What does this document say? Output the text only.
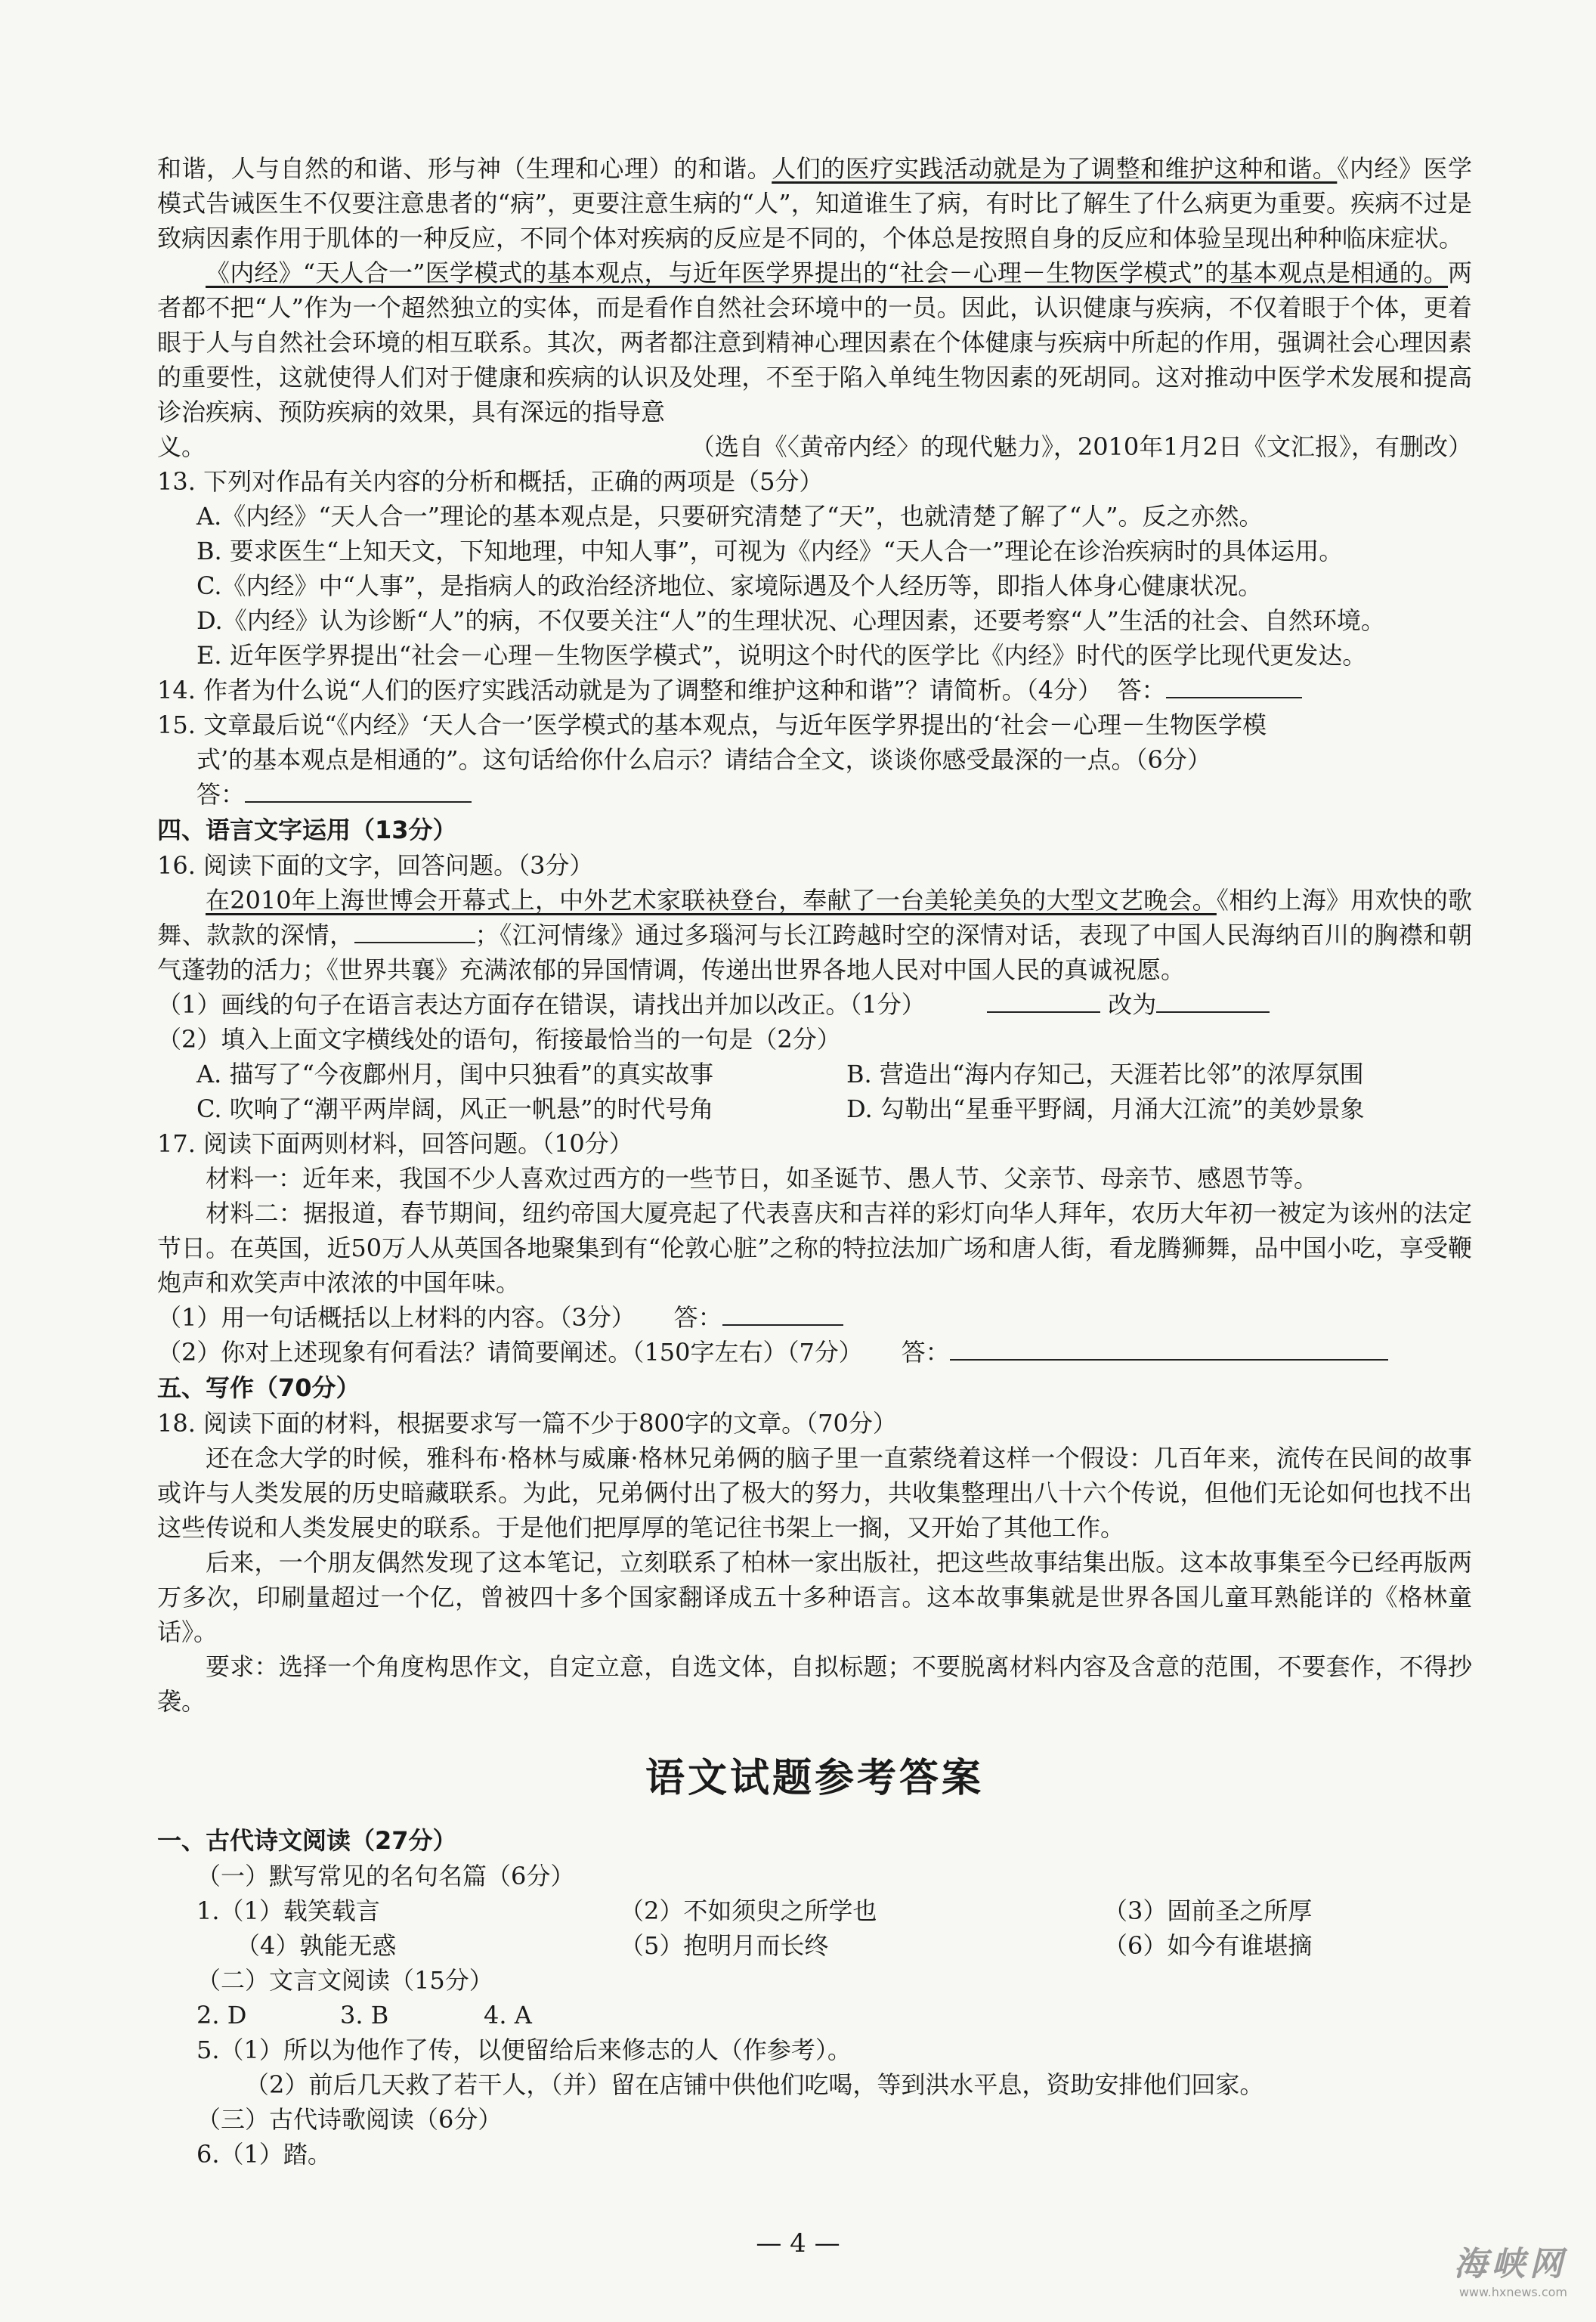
和谐，人与自然的和谐、形与神（生理和心理）的和谐。人们的医疗实践活动就是为了调整和维护这种和谐。《内经》医学模式告诫医生不仅要注意患者的“病”，更要注意生病的“人”，知道谁生了病，有时比了解生了什么病更为重要。疾病不过是致病因素作用于肌体的一种反应，不同个体对疾病的反应是不同的，个体总是按照自身的反应和体验呈现出种种临床症状。

《内经》“天人合一”医学模式的基本观点，与近年医学界提出的“社会－心理－生物医学模式”的基本观点是相通的。两者都不把“人”作为一个超然独立的实体，而是看作自然社会环境中的一员。因此，认识健康与疾病，不仅着眼于个体，更着眼于人与自然社会环境的相互联系。其次，两者都注意到精神心理因素在个体健康与疾病中所起的作用，强调社会心理因素的重要性，这就使得人们对于健康和疾病的认识及处理，不至于陷入单纯生物因素的死胡同。这对推动中医学术发展和提高诊治疾病、预防疾病的效果，具有深远的指导意

义。	（选自《〈黄帝内经〉的现代魅力》，2010年1月2日《文汇报》，有删改）

13. 下列对作品有关内容的分析和概括，正确的两项是（5分）

A.《内经》“天人合一”理论的基本观点是，只要研究清楚了“天”，也就清楚了解了“人”。反之亦然。

B. 要求医生“上知天文，下知地理，中知人事”，可视为《内经》“天人合一”理论在诊治疾病时的具体运用。

C.《内经》中“人事”，是指病人的政治经济地位、家境际遇及个人经历等，即指人体身心健康状况。

D.《内经》认为诊断“人”的病，不仅要关注“人”的生理状况、心理因素，还要考察“人”生活的社会、自然环境。

E. 近年医学界提出“社会－心理－生物医学模式”，说明这个时代的医学比《内经》时代的医学比现代更发达。

14. 作者为什么说“人们的医疗实践活动就是为了调整和维护这种和谐”？请简析。（4分） 答：

15. 文章最后说“《内经》‘天人合一’医学模式的基本观点，与近年医学界提出的‘社会－心理－生物医学模

式’的基本观点是相通的”。这句话给你什么启示？请结合全文，谈谈你感受最深的一点。（6分）

答：

四、语言文字运用（13分）

16. 阅读下面的文字，回答问题。（3分）

在2010年上海世博会开幕式上，中外艺术家联袂登台，奉献了一台美轮美奂的大型文艺晚会。《相约上海》用欢快的歌舞、款款的深情，	；《江河情缘》通过多瑙河与长江跨越时空的深情对话，表现了中国人民海纳百川的胸襟和朝气蓬勃的活力；《世界共襄》充满浓郁的异国情调，传递出世界各地人民对中国人民的真诚祝愿。

（1）画线的句子在语言表达方面存在错误，请找出并加以改正。（1分）	改为

（2）填入上面文字横线处的语句，衔接最恰当的一句是（2分）

A. 描写了“今夜鄜州月，闺中只独看”的真实故事	B. 营造出“海内存知己，天涯若比邻”的浓厚氛围
C. 吹响了“潮平两岸阔，风正一帆悬”的时代号角	D. 勾勒出“星垂平野阔，月涌大江流”的美妙景象

17. 阅读下面两则材料，回答问题。（10分）

材料一：近年来，我国不少人喜欢过西方的一些节日，如圣诞节、愚人节、父亲节、母亲节、感恩节等。

材料二：据报道，春节期间，纽约帝国大厦亮起了代表喜庆和吉祥的彩灯向华人拜年，农历大年初一被定为该州的法定节日。在英国，近50万人从英国各地聚集到有“伦敦心脏”之称的特拉法加广场和唐人街，看龙腾狮舞，品中国小吃，享受鞭炮声和欢笑声中浓浓的中国年味。

（1）用一句话概括以上材料的内容。（3分） 答：

（2）你对上述现象有何看法？请简要阐述。（150字左右）（7分） 答：

五、写作（70分）

18. 阅读下面的材料，根据要求写一篇不少于800字的文章。（70分）

还在念大学的时候，雅科布·格林与威廉·格林兄弟俩的脑子里一直萦绕着这样一个假设：几百年来，流传在民间的故事或许与人类发展的历史暗藏联系。为此，兄弟俩付出了极大的努力，共收集整理出八十六个传说，但他们无论如何也找不出这些传说和人类发展史的联系。于是他们把厚厚的笔记往书架上一搁，又开始了其他工作。

后来，一个朋友偶然发现了这本笔记，立刻联系了柏林一家出版社，把这些故事结集出版。这本故事集至今已经再版两万多次，印刷量超过一个亿，曾被四十多个国家翻译成五十多种语言。这本故事集就是世界各国儿童耳熟能详的《格林童话》。

要求：选择一个角度构思作文，自定立意，自选文体，自拟标题；不要脱离材料内容及含意的范围，不要套作，不得抄袭。

语文试题参考答案

一、古代诗文阅读（27分）

（一）默写常见的名句名篇（6分）

1.（1）载笑载言	（2）不如须臾之所学也	（3）固前圣之所厚
（4）孰能无惑	（5）抱明月而长终	（6）如今有谁堪摘

（二）文言文阅读（15分）

2. D	3. B	4. A

5.（1）所以为他作了传，以便留给后来修志的人（作参考）。

（2）前后几天救了若干人，（并）留在店铺中供他们吃喝，等到洪水平息，资助安排他们回家。

（三）古代诗歌阅读（6分）

6.（1）踏。

— 4 —
海峡网
www.hxnews.com
